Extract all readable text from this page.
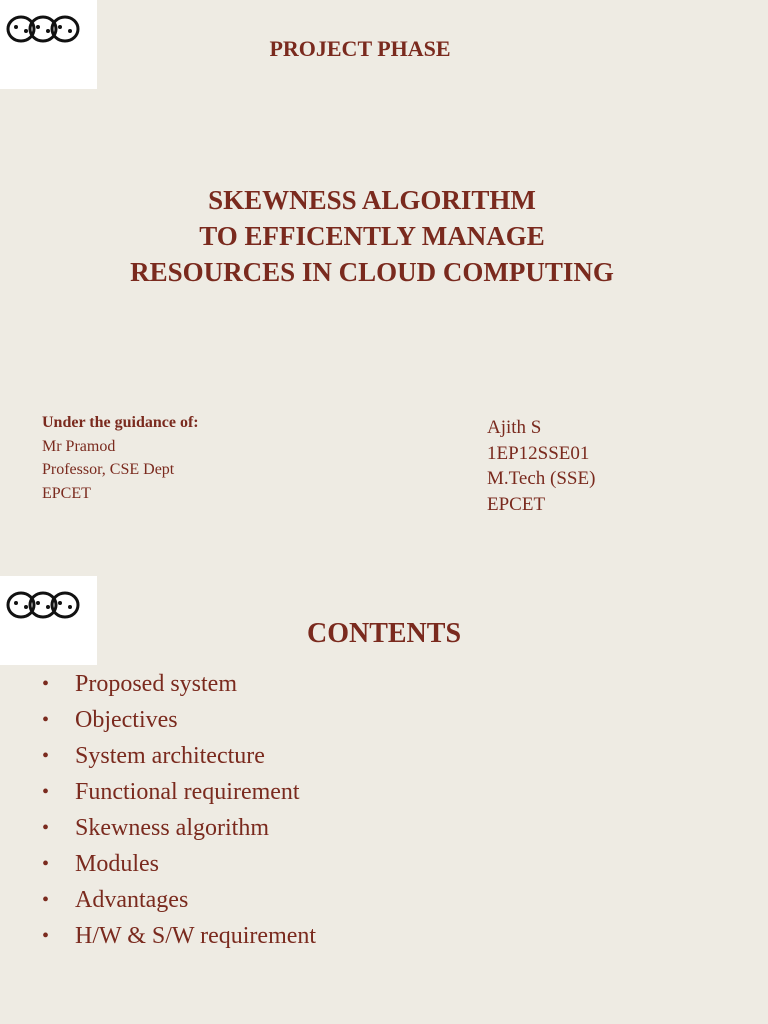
PROJECT PHASE
SKEWNESS ALGORITHM
TO EFFICENTLY MANAGE
RESOURCES IN CLOUD COMPUTING
Under the guidance of:
Mr Pramod
Professor, CSE Dept
EPCET
Ajith S
1EP12SSE01
M.Tech (SSE)
EPCET
CONTENTS
• Proposed system
• Objectives
• System architecture
• Functional requirement
• Skewness algorithm
• Modules
• Advantages
• H/W & S/W requirement
